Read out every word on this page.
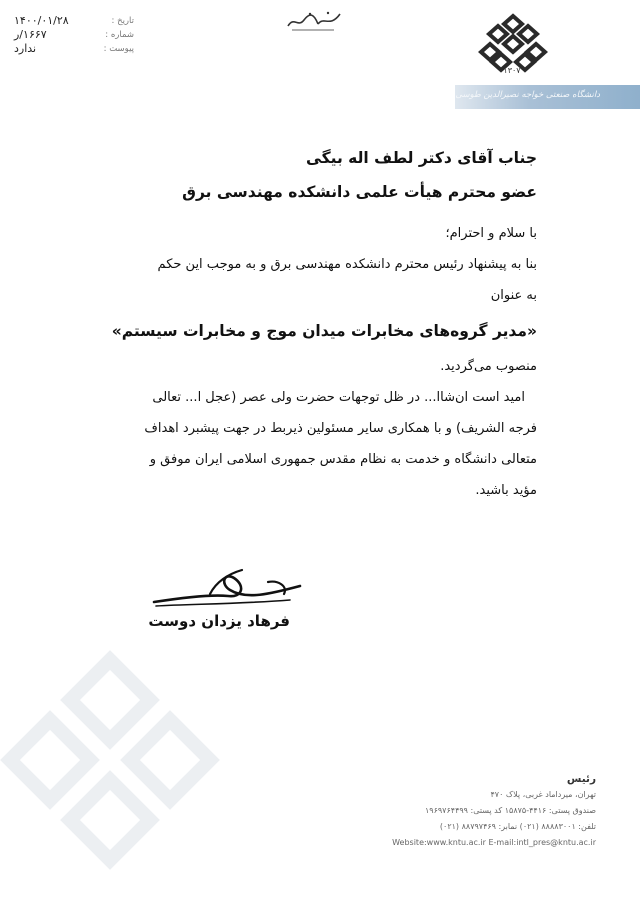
۱۳۰۷
تاریخ :
۱۴۰۰/۰۱/۲۸
شماره :
۱۶۶۷/ر
پیوست :
ندارد
دانشگاه صنعتی خواجه نصیرالدین طوسی
جناب آقای دکتر لطف اله بیگی
عضو محترم هیأت علمی دانشکده مهندسی برق

با سلام و احترام؛

بنا به پیشنهاد رئیس محترم دانشکده مهندسی برق و به موجب این حکم

به عنوان

«مدیر گروه‌های مخابرات میدان موج و مخابرات سیستم»

منصوب می‌گردید.

امید است ان‌شاا... در ظل توجهات حضرت ولی عصر (عجل ا... تعالی

فرجه الشریف) و با همکاری سایر مسئولین ذیربط در جهت پیشبرد اهداف

متعالی دانشگاه و خدمت به نظام مقدس جمهوری اسلامی ایران موفق و

مؤید باشید.

فرهاد یزدان دوست
رئیس
تهران، میرداماد غربی، پلاک ۴۷۰
صندوق پستی: ۴۴۱۶-۱۵۸۷۵ کد پستی: ۱۹۶۹۷۶۴۴۹۹
تلفن: ۸۸۸۸۳۰۰۱ (۰۲۱) نمابر: ۸۸۷۹۷۴۶۹ (۰۲۱)
Website:www.kntu.ac.ir E-mail:intl_pres@kntu.ac.ir
